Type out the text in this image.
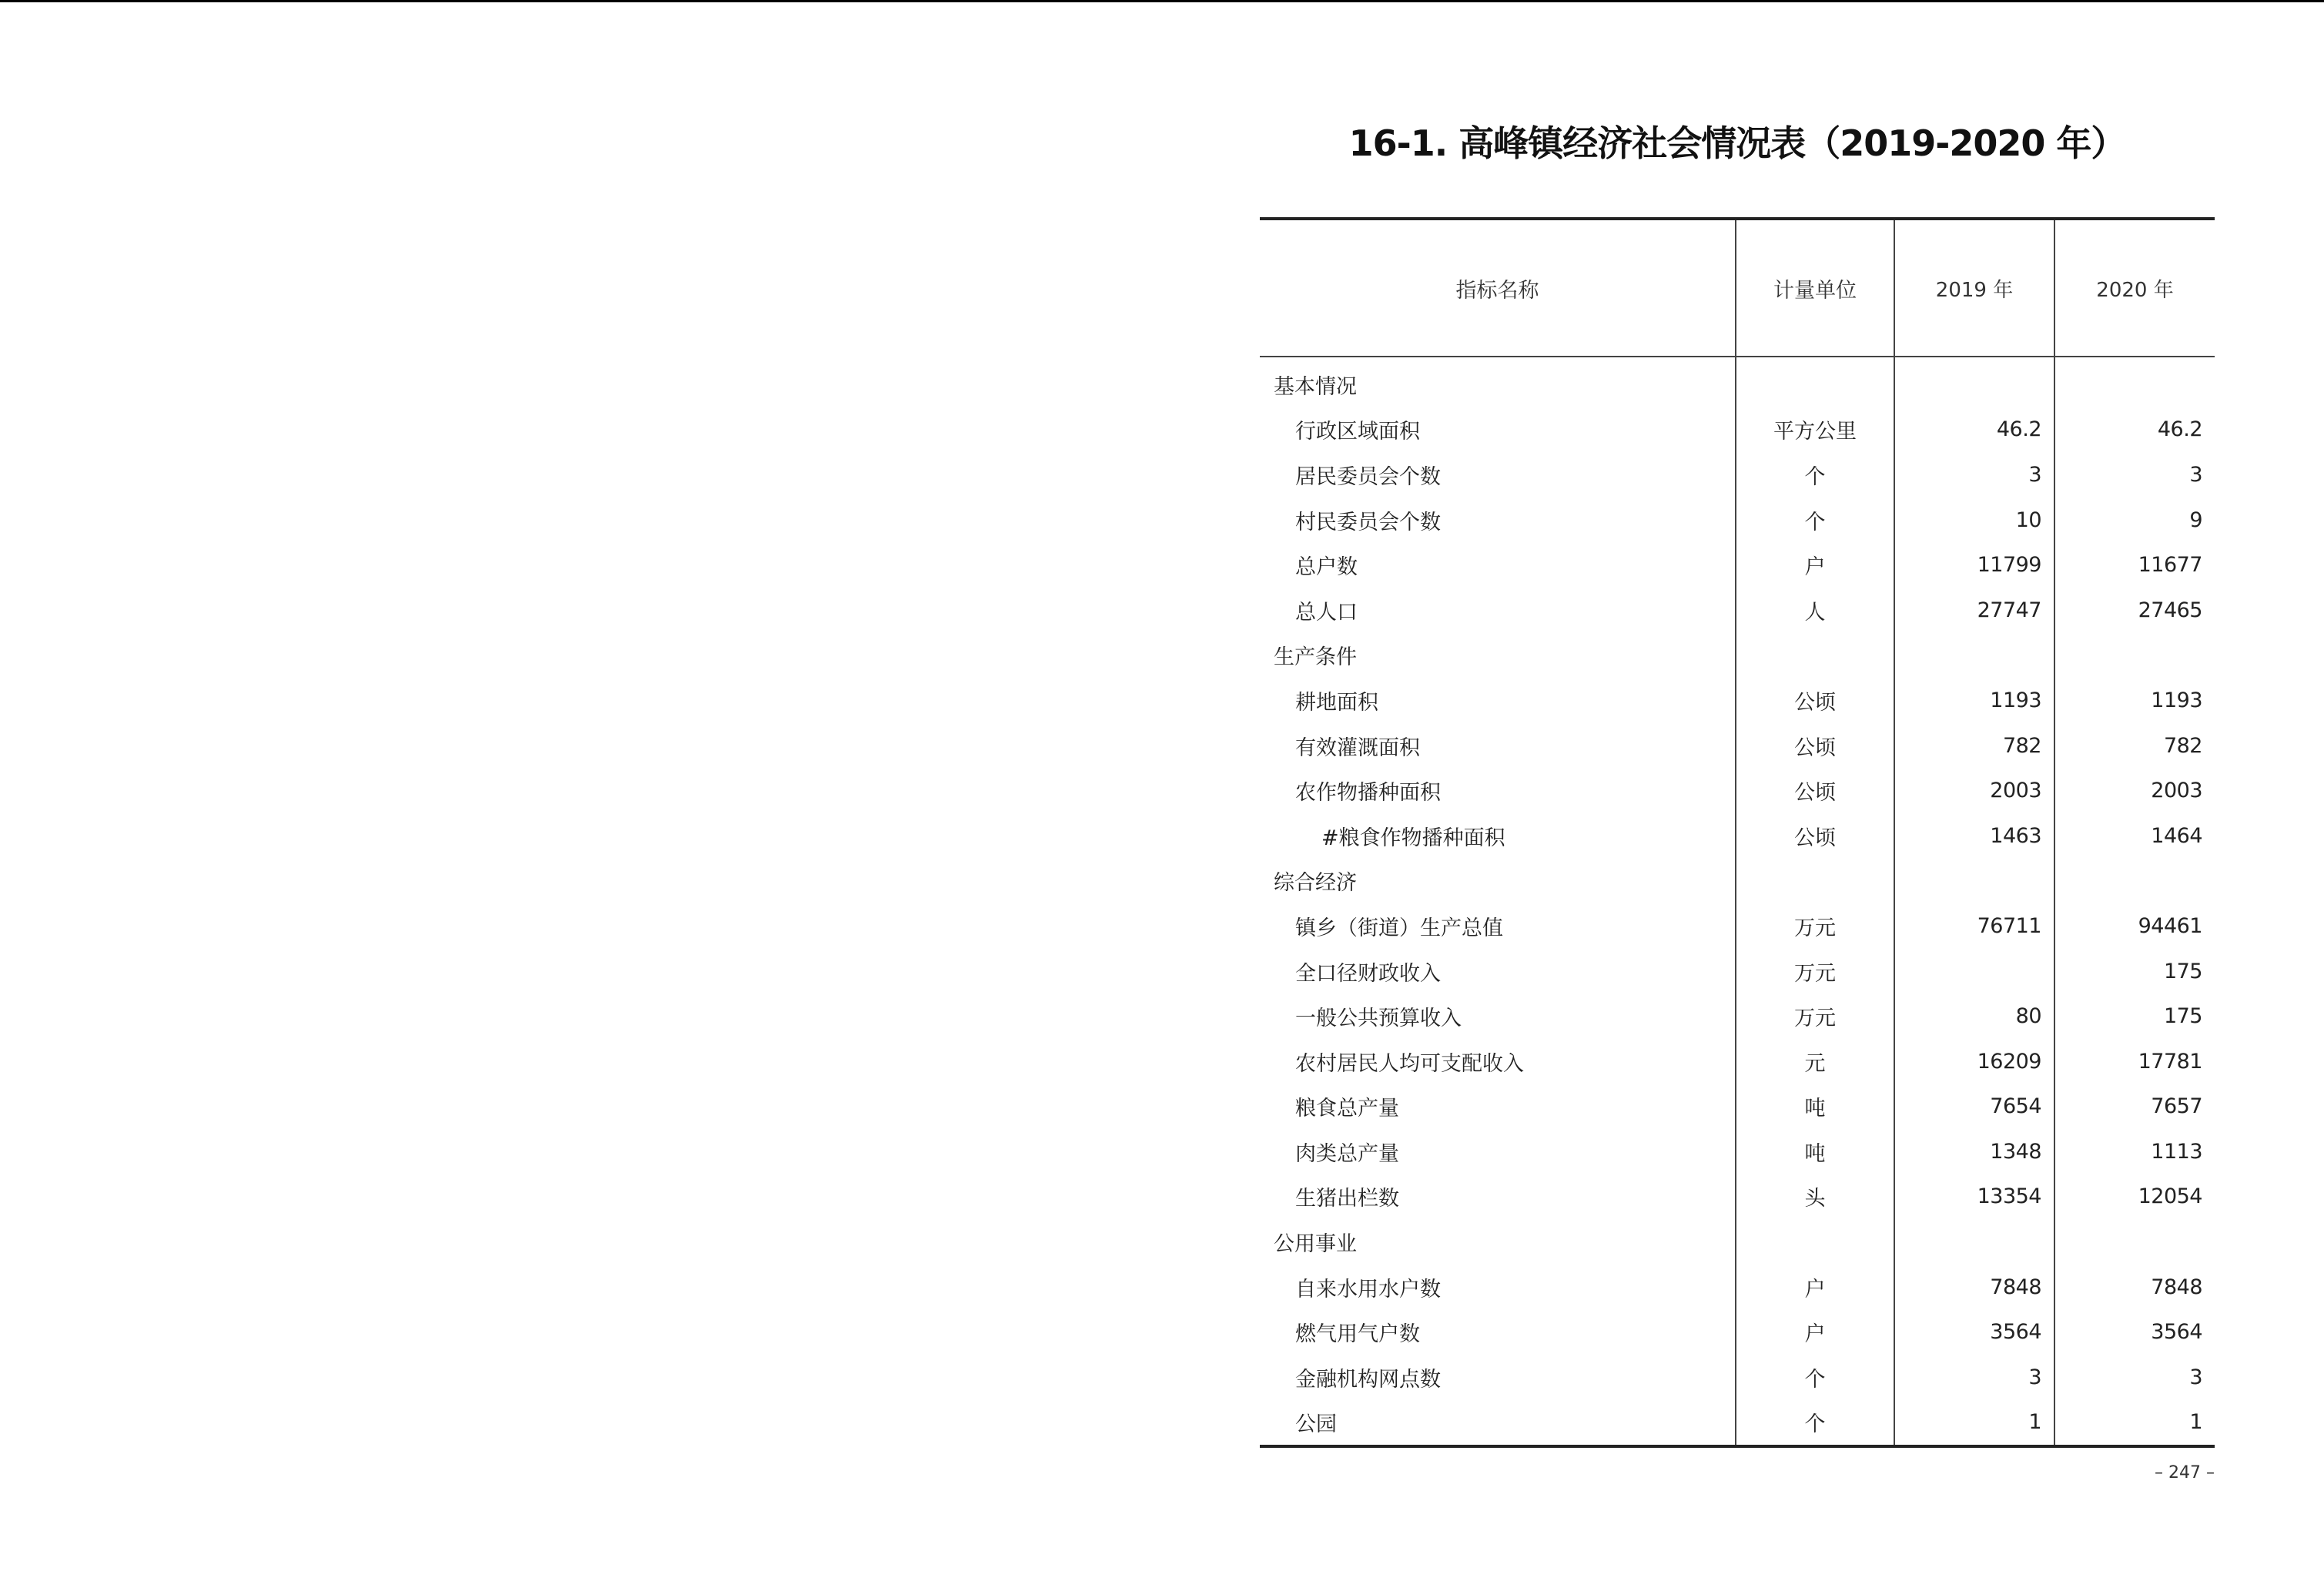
16-1. 高峰镇经济社会情况表（2019-2020 年）
指标名称	计量单位	2019 年	2020 年
基本情况			
行政区域面积	平方公里	46.2	46.2
居民委员会个数	个	3	3
村民委员会个数	个	10	9
总户数	户	11799	11677
总人口	人	27747	27465
生产条件			
耕地面积	公顷	1193	1193
有效灌溉面积	公顷	782	782
农作物播种面积	公顷	2003	2003
#粮食作物播种面积	公顷	1463	1464
综合经济			
镇乡（街道）生产总值	万元	76711	94461
全口径财政收入	万元		175
一般公共预算收入	万元	80	175
农村居民人均可支配收入	元	16209	17781
粮食总产量	吨	7654	7657
肉类总产量	吨	1348	1113
生猪出栏数	头	13354	12054
公用事业			
自来水用水户数	户	7848	7848
燃气用气户数	户	3564	3564
金融机构网点数	个	3	3
公园	个	1	1
– 247 –
